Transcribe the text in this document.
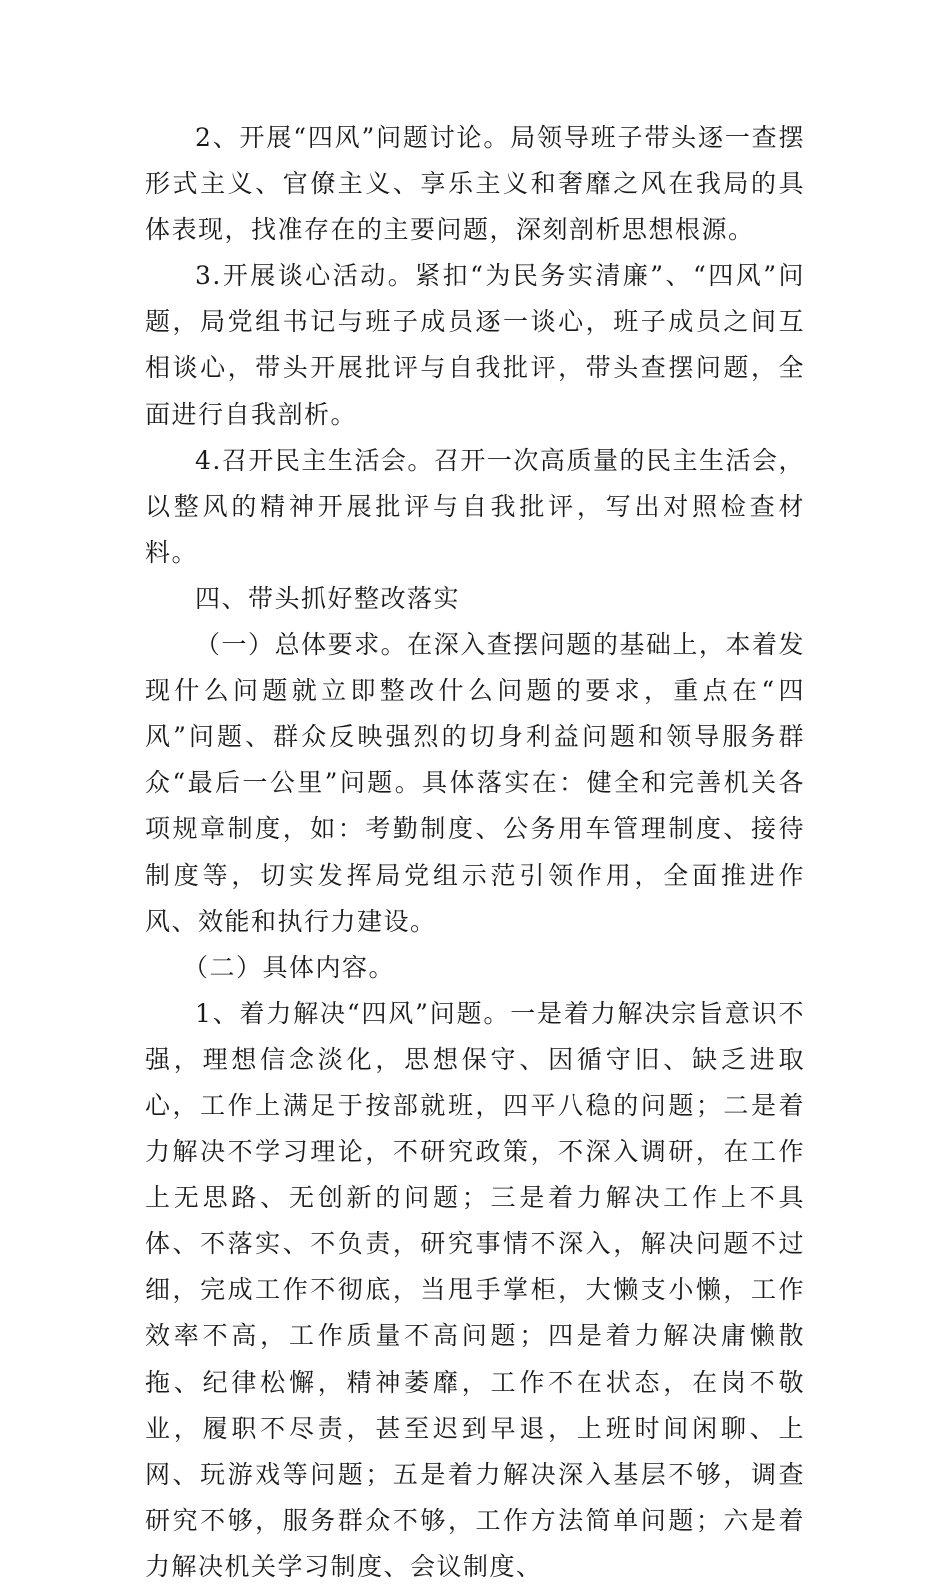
2、开展“四风”问题讨论。局领导班子带头逐一查摆形式主义、官僚主义、享乐主义和奢靡之风在我局的具体表现，找准存在的主要问题，深刻剖析思想根源。

3.开展谈心活动。紧扣“为民务实清廉”、“四风”问题，局党组书记与班子成员逐一谈心，班子成员之间互相谈心，带头开展批评与自我批评，带头查摆问题，全面进行自我剖析。

4.召开民主生活会。召开一次高质量的民主生活会，以整风的精神开展批评与自我批评，写出对照检查材料。

四、带头抓好整改落实

（一）总体要求。在深入查摆问题的基础上，本着发现什么问题就立即整改什么问题的要求，重点在“四风”问题、群众反映强烈的切身利益问题和领导服务群众“最后一公里”问题。具体落实在：健全和完善机关各项规章制度，如：考勤制度、公务用车管理制度、接待制度等，切实发挥局党组示范引领作用，全面推进作风、效能和执行力建设。

（二）具体内容。

1、着力解决“四风”问题。一是着力解决宗旨意识不强，理想信念淡化，思想保守、因循守旧、缺乏进取心，工作上满足于按部就班，四平八稳的问题；二是着力解决不学习理论，不研究政策，不深入调研，在工作上无思路、无创新的问题；三是着力解决工作上不具体、不落实、不负责，研究事情不深入，解决问题不过细，完成工作不彻底，当甩手掌柜，大懒支小懒，工作效率不高，工作质量不高问题；四是着力解决庸懒散拖、纪律松懈，精神萎靡，工作不在状态，在岗不敬业，履职不尽责，甚至迟到早退，上班时间闲聊、上网、玩游戏等问题；五是着力解决深入基层不够，调查研究不够，服务群众不够，工作方法简单问题；六是着力解决机关学习制度、会议制度、
